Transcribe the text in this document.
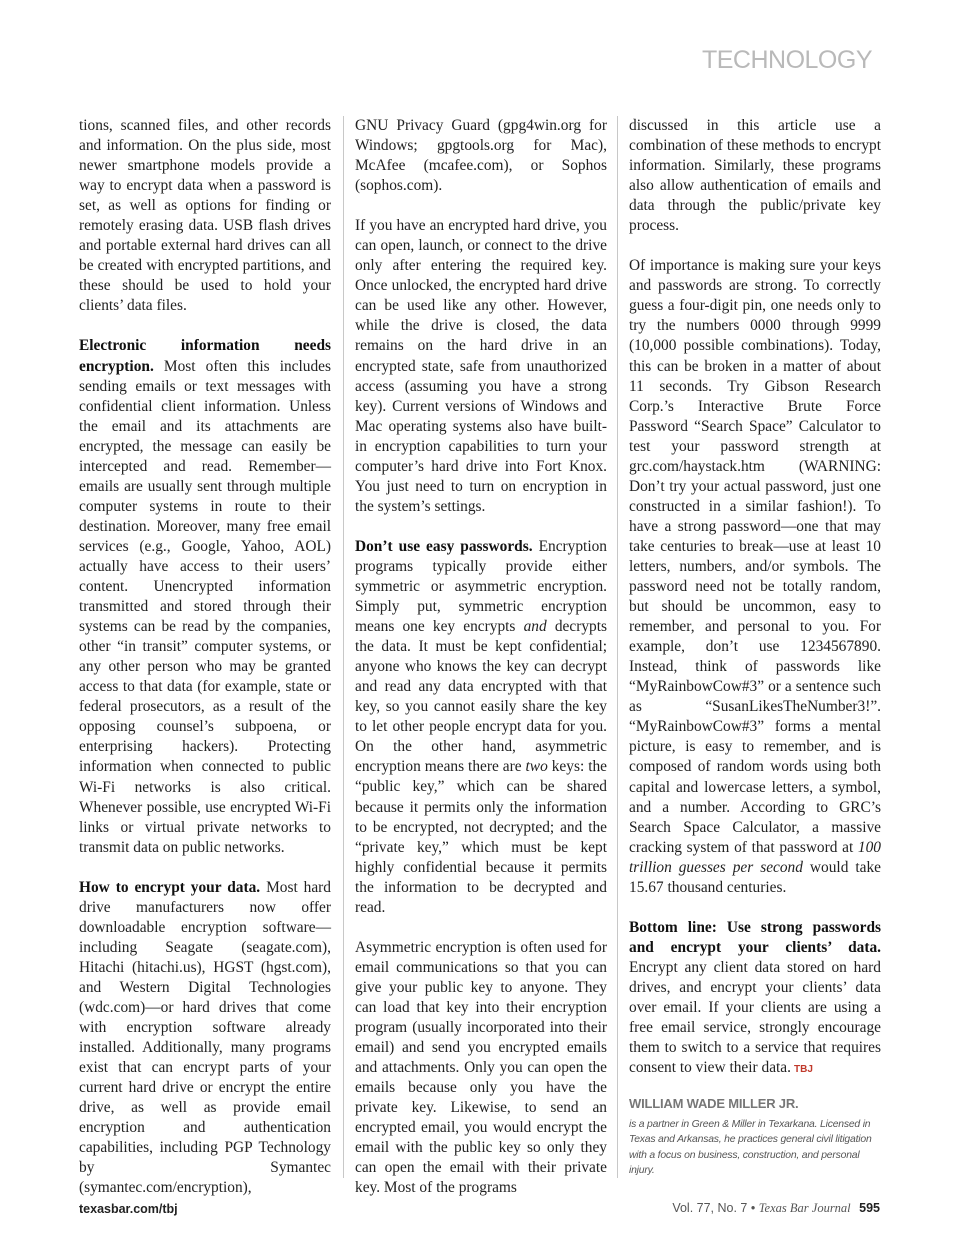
TECHNOLOGY

tions, scanned files, and other records and information. On the plus side, most newer smartphone models provide a way to encrypt data when a password is set, as well as options for finding or remotely erasing data. USB flash drives and portable external hard drives can all be created with encrypted partitions, and these should be used to hold your clients’ data files.

Electronic information needs encryption. Most often this includes sending emails or text messages with confidential client information. Unless the email and its attachments are encrypted, the message can easily be intercepted and read. Remember—emails are usually sent through multiple computer systems in route to their destination. Moreover, many free email services (e.g., Google, Yahoo, AOL) actually have access to their users’ content. Unencrypted information transmitted and stored through their systems can be read by the companies, other “in transit” computer systems, or any other person who may be granted access to that data (for example, state or federal prosecutors, as a result of the opposing counsel’s subpoena, or enterprising hackers). Protecting information when connected to public Wi-Fi networks is also critical. Whenever possible, use encrypted Wi-Fi links or virtual private networks to transmit data on public networks.

How to encrypt your data. Most hard drive manufacturers now offer downloadable encryption software—including Seagate (seagate.com), Hitachi (hitachi.us), HGST (hgst.com), and Western Digital Technologies (wdc.com)—or hard drives that come with encryption software already installed. Additionally, many programs exist that can encrypt parts of your current hard drive or encrypt the entire drive, as well as provide email encryption and authentication capabilities, including PGP Technology by Symantec (symantec.com/encryption),

GNU Privacy Guard (gpg4win.org for Windows; gpgtools.org for Mac), McAfee (mcafee.com), or Sophos (sophos.com).

If you have an encrypted hard drive, you can open, launch, or connect to the drive only after entering the required key. Once unlocked, the encrypted hard drive can be used like any other. However, while the drive is closed, the data remains on the hard drive in an encrypted state, safe from unauthorized access (assuming you have a strong key). Current versions of Windows and Mac operating systems also have built-in encryption capabilities to turn your computer’s hard drive into Fort Knox. You just need to turn on encryption in the system’s settings.

Don’t use easy passwords. Encryption programs typically provide either symmetric or asymmetric encryption. Simply put, symmetric encryption means one key encrypts and decrypts the data. It must be kept confidential; anyone who knows the key can decrypt and read any data encrypted with that key, so you cannot easily share the key to let other people encrypt data for you. On the other hand, asymmetric encryption means there are two keys: the “public key,” which can be shared because it permits only the information to be encrypted, not decrypted; and the “private key,” which must be kept highly confidential because it permits the information to be decrypted and read.

Asymmetric encryption is often used for email communications so that you can give your public key to anyone. They can load that key into their encryption program (usually incorporated into their email) and send you encrypted emails and attachments. Only you can open the emails because only you have the private key. Likewise, to send an encrypted email, you would encrypt the email with the public key so only they can open the email with their private key. Most of the programs

discussed in this article use a combination of these methods to encrypt information. Similarly, these programs also allow authentication of emails and data through the public/private key process.

Of importance is making sure your keys and passwords are strong. To correctly guess a four-digit pin, one needs only to try the numbers 0000 through 9999 (10,000 possible combinations). Today, this can be broken in a matter of about 11 seconds. Try Gibson Research Corp.’s Interactive Brute Force Password “Search Space” Calculator to test your password strength at grc.com/haystack.htm (WARNING: Don’t try your actual password, just one constructed in a similar fashion!). To have a strong password—one that may take centuries to break—use at least 10 letters, numbers, and/or symbols. The password need not be totally random, but should be uncommon, easy to remember, and personal to you. For example, don’t use 1234567890. Instead, think of passwords like “MyRainbowCow#3” or a sentence such as “SusanLikesTheNumber3!”. “MyRainbowCow#3” forms a mental picture, is easy to remember, and is composed of random words using both capital and lowercase letters, a symbol, and a number. According to GRC’s Search Space Calculator, a massive cracking system of that password at 100 trillion guesses per second would take 15.67 thousand centuries.

Bottom line: Use strong passwords and encrypt your clients’ data. Encrypt any client data stored on hard drives, and encrypt your clients’ data over email. If your clients are using a free email service, strongly encourage them to switch to a service that requires consent to view their data. TBJ

WILLIAM WADE MILLER JR.
is a partner in Green & Miller in Texarkana. Licensed in Texas and Arkansas, he practices general civil litigation with a focus on business, construction, and personal injury.
texasbar.com/tbj	Vol. 77, No. 7 • Texas Bar Journal 595
